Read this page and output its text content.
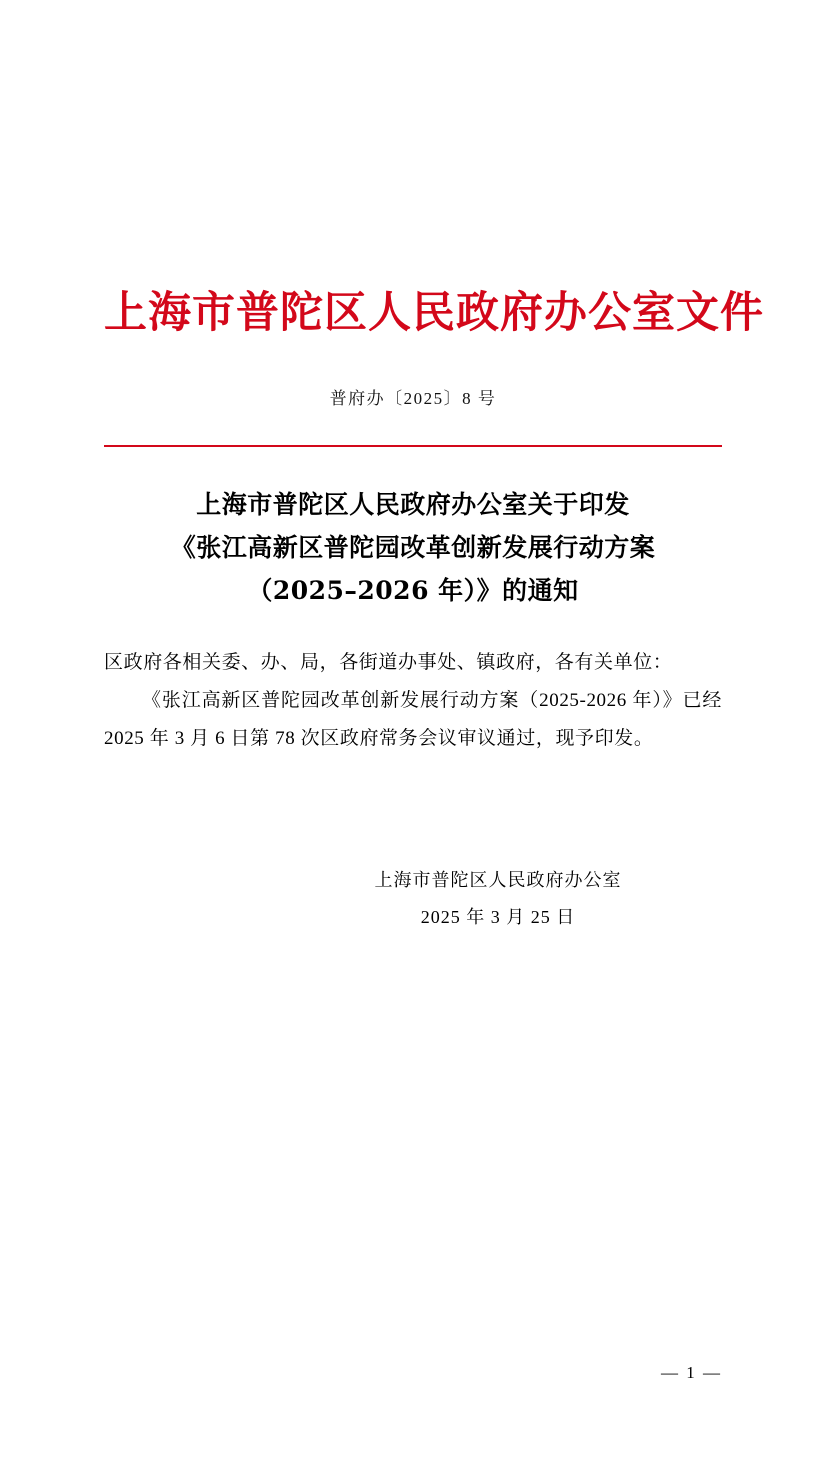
上海市普陀区人民政府办公室文件
普府办〔2025〕8 号
上海市普陀区人民政府办公室关于印发
《张江高新区普陀园改革创新发展行动方案
（2025–2026 年）》的通知

区政府各相关委、办、局，各街道办事处、镇政府，各有关单位：

《张江高新区普陀园改革创新发展行动方案（2025-2026 年）》已经 2025 年 3 月 6 日第 78 次区政府常务会议审议通过，现予印发。

上海市普陀区人民政府办公室
2025 年 3 月 25 日
— 1 —
